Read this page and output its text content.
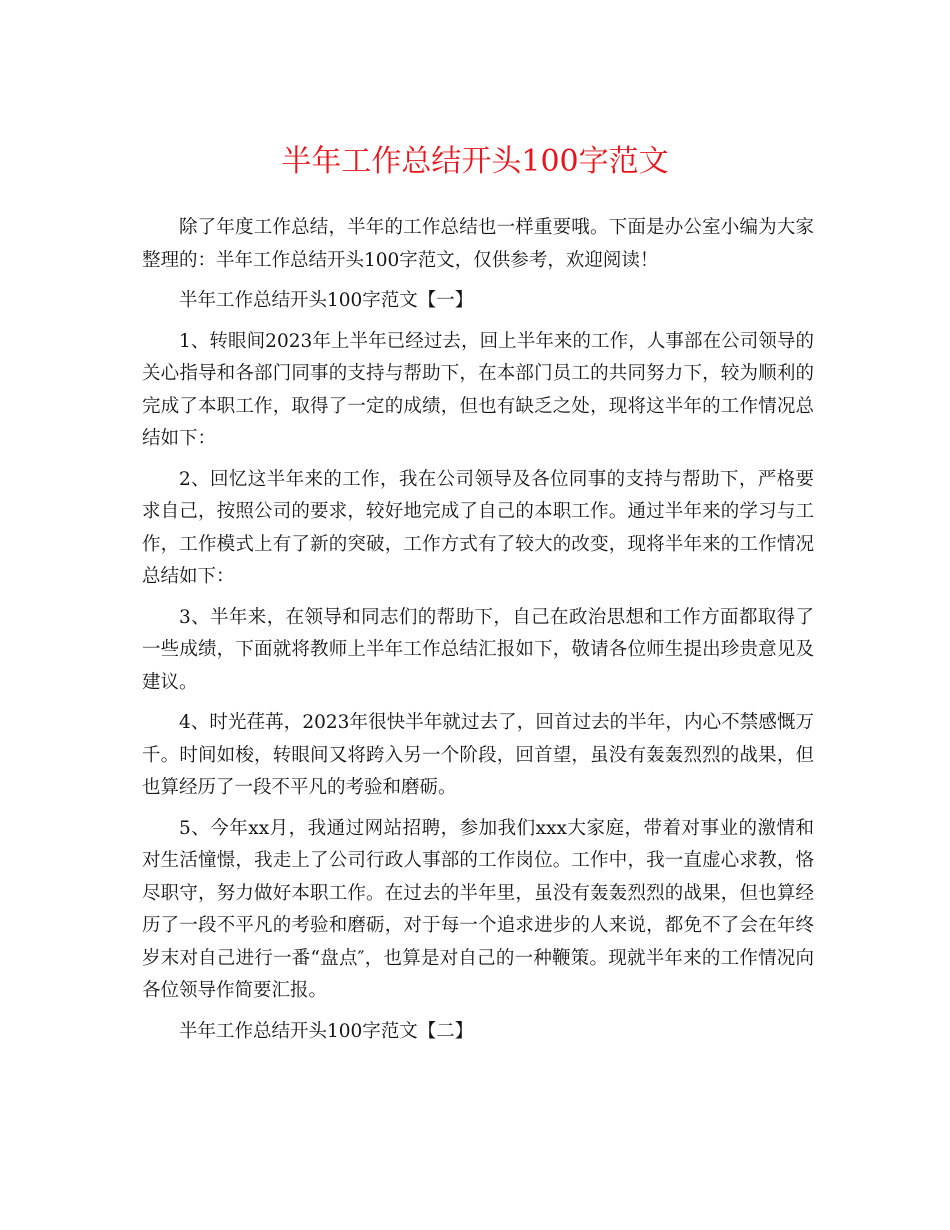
半年工作总结开头100字范文

除了年度工作总结，半年的工作总结也一样重要哦。下面是办公室小编为大家整理的：半年工作总结开头100字范文，仅供参考，欢迎阅读！

半年工作总结开头100字范文【一】

1、转眼间2023年上半年已经过去，回上半年来的工作，人事部在公司领导的关心指导和各部门同事的支持与帮助下，在本部门员工的共同努力下，较为顺利的完成了本职工作，取得了一定的成绩，但也有缺乏之处，现将这半年的工作情况总结如下：

2、回忆这半年来的工作，我在公司领导及各位同事的支持与帮助下，严格要求自己，按照公司的要求，较好地完成了自己的本职工作。通过半年来的学习与工作，工作模式上有了新的突破，工作方式有了较大的改变，现将半年来的工作情况总结如下：

3、半年来，在领导和同志们的帮助下，自己在政治思想和工作方面都取得了一些成绩，下面就将教师上半年工作总结汇报如下，敬请各位师生提出珍贵意见及建议。

4、时光荏苒，2023年很快半年就过去了，回首过去的半年，内心不禁感慨万千。时间如梭，转眼间又将跨入另一个阶段，回首望，虽没有轰轰烈烈的战果，但也算经历了一段不平凡的考验和磨砺。

5、今年xx月，我通过网站招聘，参加我们xxx大家庭，带着对事业的激情和对生活憧憬，我走上了公司行政人事部的工作岗位。工作中，我一直虚心求教，恪尽职守，努力做好本职工作。在过去的半年里，虽没有轰轰烈烈的战果，但也算经历了一段不平凡的考验和磨砺，对于每一个追求进步的人来说，都免不了会在年终岁末对自己进行一番“盘点″，也算是对自己的一种鞭策。现就半年来的工作情况向各位领导作简要汇报。

半年工作总结开头100字范文【二】
